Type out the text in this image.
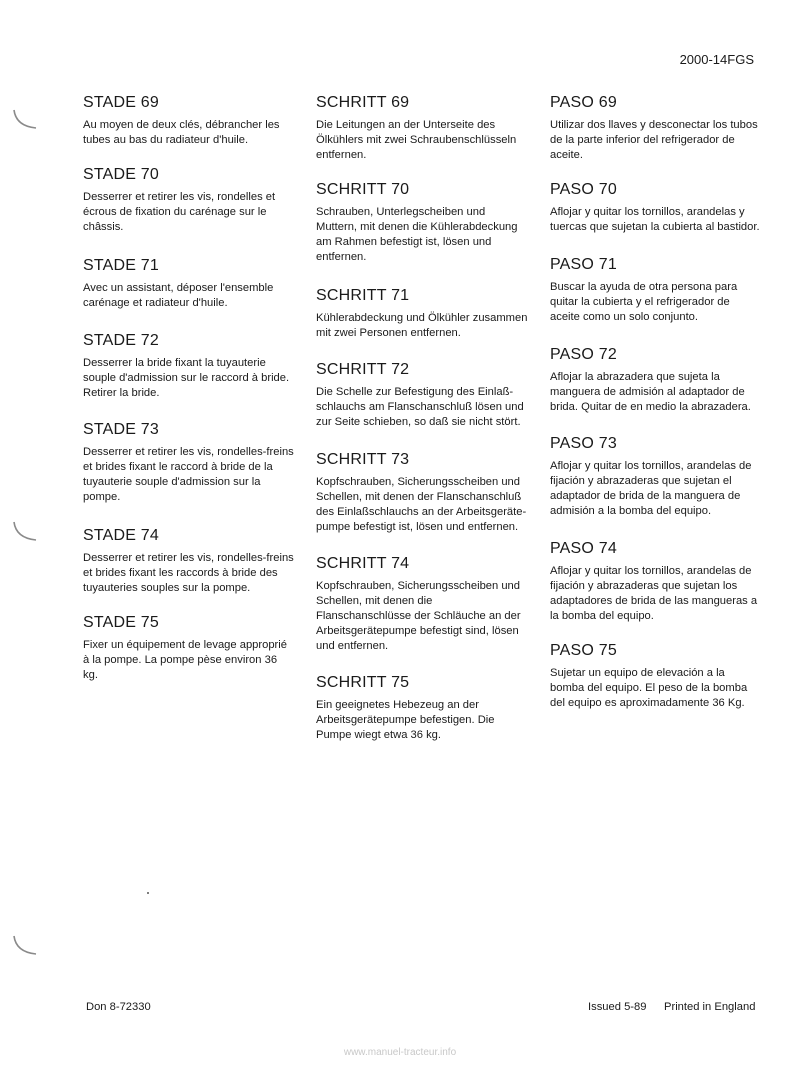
2000-14FGS
STADE 69

Au moyen de deux clés, débrancher les tubes au bas du radiateur d'huile.

STADE 70

Desserrer et retirer les vis, rondelles et écrous de fixation du carénage sur le châssis.

STADE 71

Avec un assistant, déposer l'ensemble carénage et radiateur d'huile.

STADE 72

Desserrer la bride fixant la tuyauterie souple d'admission sur le raccord à bride. Retirer la bride.

STADE 73

Desserrer et retirer les vis, rondelles-freins et brides fixant le raccord à bride de la tuyauterie souple d'admission sur la pompe.

STADE 74

Desserrer et retirer les vis, rondelles-freins et brides fixant les raccords à bride des tuyauteries souples sur la pompe.

STADE 75

Fixer un équipement de levage approprié à la pompe. La pompe pèse environ 36 kg.

SCHRITT 69

Die Leitungen an der Unterseite des Ölkühlers mit zwei Schraubenschlüsseln entfernen.

SCHRITT 70

Schrauben, Unterlegscheiben und Muttern, mit denen die Kühlerabdeckung am Rahmen befestigt ist, lösen und entfernen.

SCHRITT 71

Kühlerabdeckung und Ölkühler zusammen mit zwei Personen entfernen.

SCHRITT 72

Die Schelle zur Befestigung des Einlaß-schlauchs am Flanschanschluß lösen und zur Seite schieben, so daß sie nicht stört.

SCHRITT 73

Kopfschrauben, Sicherungsscheiben und Schellen, mit denen der Flanschanschluß des Einlaßschlauchs an der Arbeitsgeräte-pumpe befestigt ist, lösen und entfernen.

SCHRITT 74

Kopfschrauben, Sicherungsscheiben und Schellen, mit denen die Flanschanschlüsse der Schläuche an der Arbeitsgerätepumpe befestigt sind, lösen und entfernen.

SCHRITT 75

Ein geeignetes Hebezeug an der Arbeitsgerätepumpe befestigen. Die Pumpe wiegt etwa 36 kg.

PASO 69

Utilizar dos llaves y desconectar los tubos de la parte inferior del refrigerador de aceite.

PASO 70

Aflojar y quitar los tornillos, arandelas y tuercas que sujetan la cubierta al bastidor.

PASO 71

Buscar la ayuda de otra persona para quitar la cubierta y el refrigerador de aceite como un solo conjunto.

PASO 72

Aflojar la abrazadera que sujeta la manguera de admisión al adaptador de brida. Quitar de en medio la abrazadera.

PASO 73

Aflojar y quitar los tornillos, arandelas de fijación y abrazaderas que sujetan el adaptador de brida de la manguera de admisión a la bomba del equipo.

PASO 74

Aflojar y quitar los tornillos, arandelas de fijación y abrazaderas que sujetan los adaptadores de brida de las mangueras a la bomba del equipo.

PASO 75

Sujetar un equipo de elevación a la bomba del equipo. El peso de la bomba del equipo es aproximadamente 36 Kg.

Don 8-72330	Issued 5-89 Printed in England
www.manuel-tracteur.info
